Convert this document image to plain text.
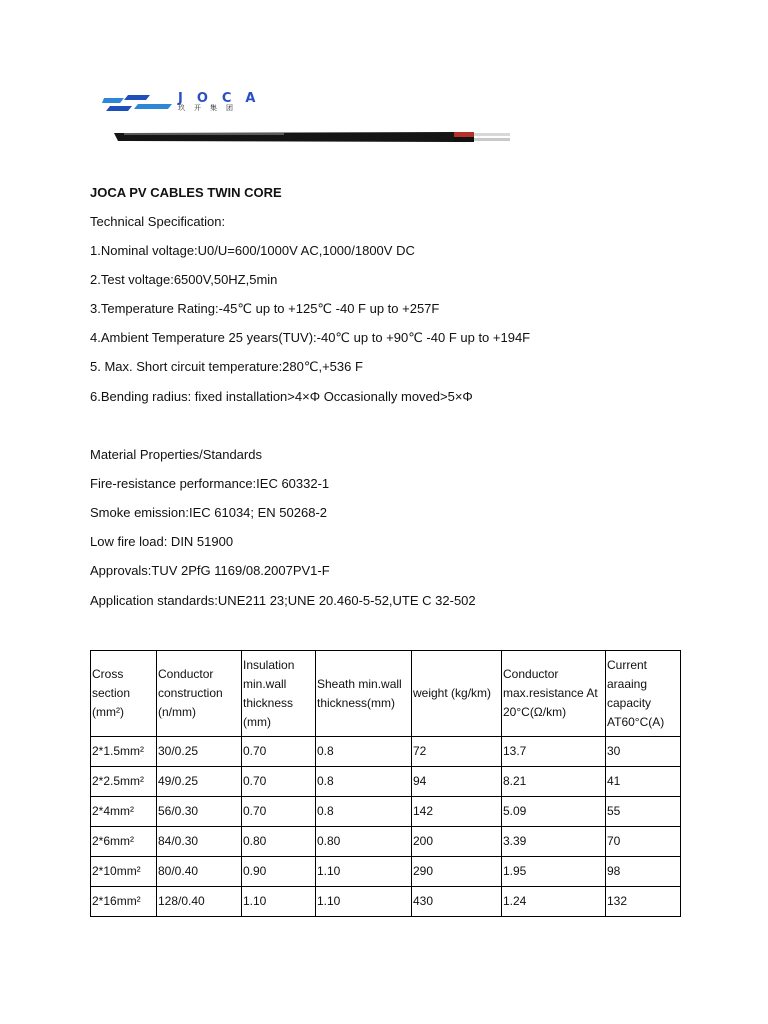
JOCA
玖开集团
JOCA PV CABLES TWIN CORE
Technical Specification:
1.Nominal voltage:U0/U=600/1000V AC,1000/1800V DC
2.Test voltage:6500V,50HZ,5min
3.Temperature Rating:-45℃ up to +125℃ -40 F up to +257F
4.Ambient Temperature 25 years(TUV):-40℃ up to +90℃ -40 F up to +194F
5. Max. Short circuit temperature:280℃,+536 F
6.Bending radius: fixed installation>4×Φ Occasionally moved>5×Φ
Material Properties/Standards
Fire-resistance performance:IEC 60332-1
Smoke emission:IEC 61034; EN 50268-2
Low fire load: DIN 51900
Approvals:TUV 2PfG 1169/08.2007PV1-F
Application standards:UNE211 23;UNE 20.460-5-52,UTE C 32-502
Cross section (mm²)	Conductor construction (n/mm)	Insulation min.wall thickness (mm)	Sheath min.wall thickness(mm)	weight (kg/km)	Conductor max.resistance At 20°C(Ω/km)	Current araaing capacity AT60°C(A)
2*1.5mm²	30/0.25	0.70	0.8	72	13.7	30
2*2.5mm²	49/0.25	0.70	0.8	94	8.21	41
2*4mm²	56/0.30	0.70	0.8	142	5.09	55
2*6mm²	84/0.30	0.80	0.80	200	3.39	70
2*10mm²	80/0.40	0.90	1.10	290	1.95	98
2*16mm²	128/0.40	1.10	1.10	430	1.24	132
